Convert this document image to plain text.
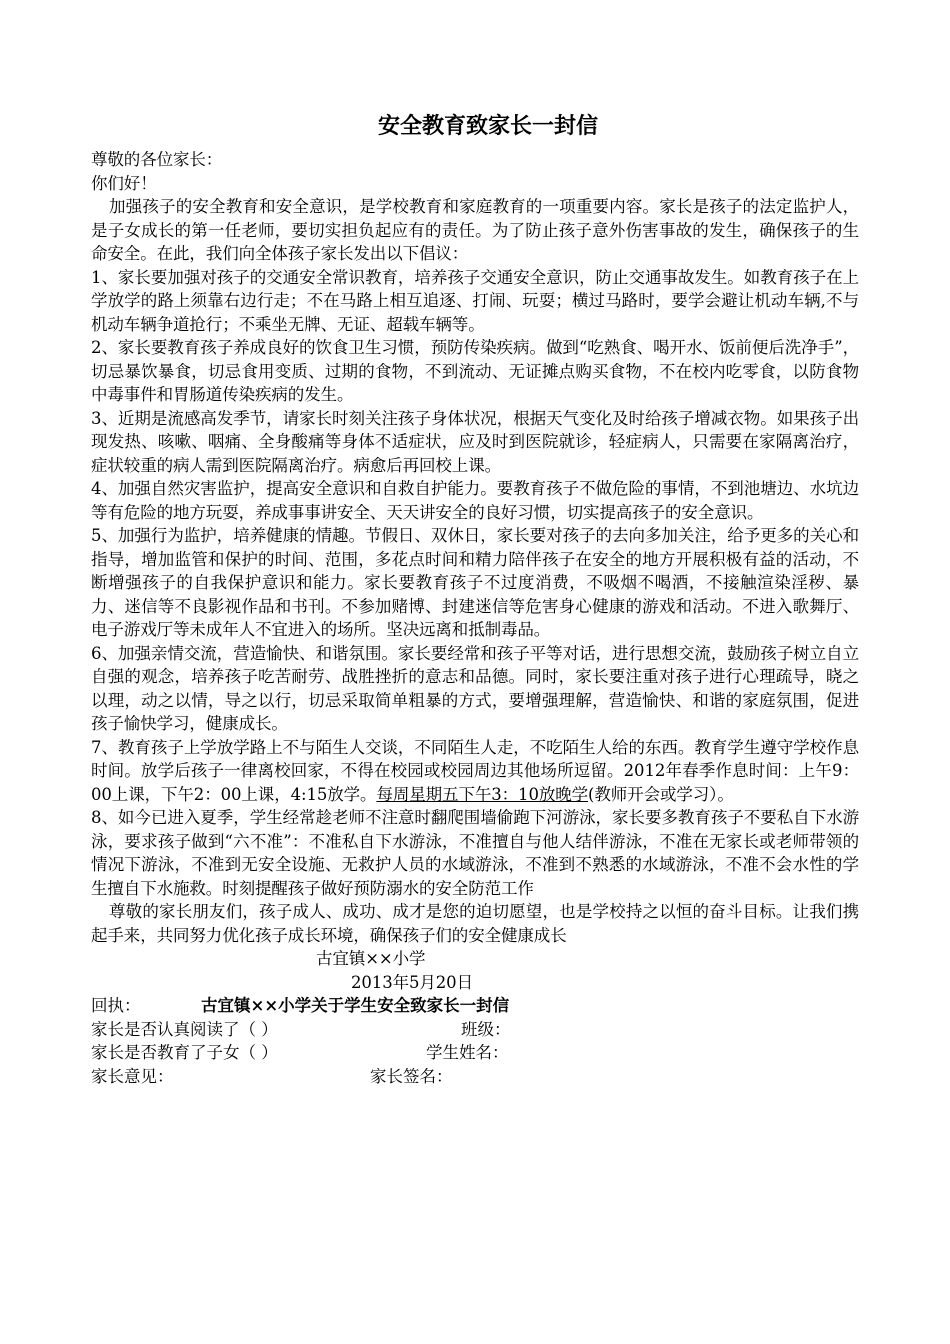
安全教育致家长一封信

尊敬的各位家长：

你们好！

加强孩子的安全教育和安全意识，是学校教育和家庭教育的一项重要内容。家长是孩子的法定监护人，是子女成长的第一任老师，要切实担负起应有的责任。为了防止孩子意外伤害事故的发生，确保孩子的生命安全。在此，我们向全体孩子家长发出以下倡议：

1、家长要加强对孩子的交通安全常识教育，培养孩子交通安全意识，防止交通事故发生。如教育孩子在上学放学的路上须靠右边行走；不在马路上相互追逐、打闹、玩耍；横过马路时，要学会避让机动车辆,不与机动车辆争道抢行；不乘坐无牌、无证、超载车辆等。

2、家长要教育孩子养成良好的饮食卫生习惯，预防传染疾病。做到“吃熟食、喝开水、饭前便后洗净手”，切忌暴饮暴食，切忌食用变质、过期的食物，不到流动、无证摊点购买食物，不在校内吃零食，以防食物中毒事件和胃肠道传染疾病的发生。

3、近期是流感高发季节，请家长时刻关注孩子身体状况，根据天气变化及时给孩子增减衣物。如果孩子出现发热、咳嗽、咽痛、全身酸痛等身体不适症状，应及时到医院就诊，轻症病人，只需要在家隔离治疗，症状较重的病人需到医院隔离治疗。病愈后再回校上课。

4、加强自然灾害监护，提高安全意识和自救自护能力。要教育孩子不做危险的事情，不到池塘边、水坑边等有危险的地方玩耍，养成事事讲安全、天天讲安全的良好习惯，切实提高孩子的安全意识。

5、加强行为监护，培养健康的情趣。节假日、双休日，家长要对孩子的去向多加关注，给予更多的关心和指导，增加监管和保护的时间、范围，多花点时间和精力陪伴孩子在安全的地方开展积极有益的活动，不断增强孩子的自我保护意识和能力。家长要教育孩子不过度消费，不吸烟不喝酒，不接触渲染淫秽、暴力、迷信等不良影视作品和书刊。不参加赌博、封建迷信等危害身心健康的游戏和活动。不进入歌舞厅、电子游戏厅等未成年人不宜进入的场所。坚决远离和抵制毒品。

6、加强亲情交流，营造愉快、和谐氛围。家长要经常和孩子平等对话，进行思想交流，鼓励孩子树立自立自强的观念，培养孩子吃苦耐劳、战胜挫折的意志和品德。同时，家长要注重对孩子进行心理疏导，晓之以理，动之以情，导之以行，切忌采取简单粗暴的方式，要增强理解，营造愉快、和谐的家庭氛围，促进孩子愉快学习，健康成长。

7、教育孩子上学放学路上不与陌生人交谈，不同陌生人走，不吃陌生人给的东西。教育学生遵守学校作息时间。放学后孩子一律离校回家，不得在校园或校园周边其他场所逗留。2012年春季作息时间：上午9：00上课，下午2：00上课，4:15放学。每周星期五下午3：10放晚学(教师开会或学习）。

8、如今已进入夏季，学生经常趁老师不注意时翻爬围墙偷跑下河游泳，家长要多教育孩子不要私自下水游泳，要求孩子做到“六不准”：不准私自下水游泳，不准擅自与他人结伴游泳，不准在无家长或老师带领的情况下游泳，不准到无安全设施、无救护人员的水域游泳，不准到不熟悉的水域游泳，不准不会水性的学生擅自下水施救。时刻提醒孩子做好预防溺水的安全防范工作

尊敬的家长朋友们，孩子成人、成功、成才是您的迫切愿望，也是学校持之以恒的奋斗目标。让我们携起手来，共同努力优化孩子成长环境，确保孩子们的安全健康成长

古宜镇××小学

2013年5月20日

回执：	古宜镇××小学关于学生安全致家长一封信
家长是否认真阅读了（ ）	班级：
家长是否教育了子女（ ）	学生姓名：
家长意见：	家长签名：
